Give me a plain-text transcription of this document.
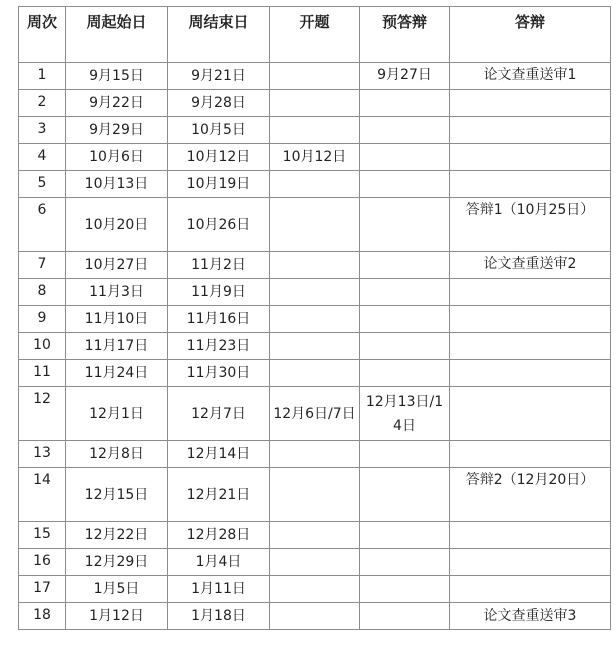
周次	周起始日	周结束日	开题	预答辩	答辩
1	9月15日	9月21日		9月27日	论文查重送审1
2	9月22日	9月28日			
3	9月29日	10月5日			
4	10月6日	10月12日	10月12日		
5	10月13日	10月19日			
6	10月20日	10月26日			答辩1（10月25日）
7	10月27日	11月2日			论文查重送审2
8	11月3日	11月9日			
9	11月10日	11月16日			
10	11月17日	11月23日			
11	11月24日	11月30日			
12	12月1日	12月7日	12月6日/7日	12月13日/14日	
13	12月8日	12月14日			
14	12月15日	12月21日			答辩2（12月20日）
15	12月22日	12月28日			
16	12月29日	1月4日			
17	1月5日	1月11日			
18	1月12日	1月18日			论文查重送审3
